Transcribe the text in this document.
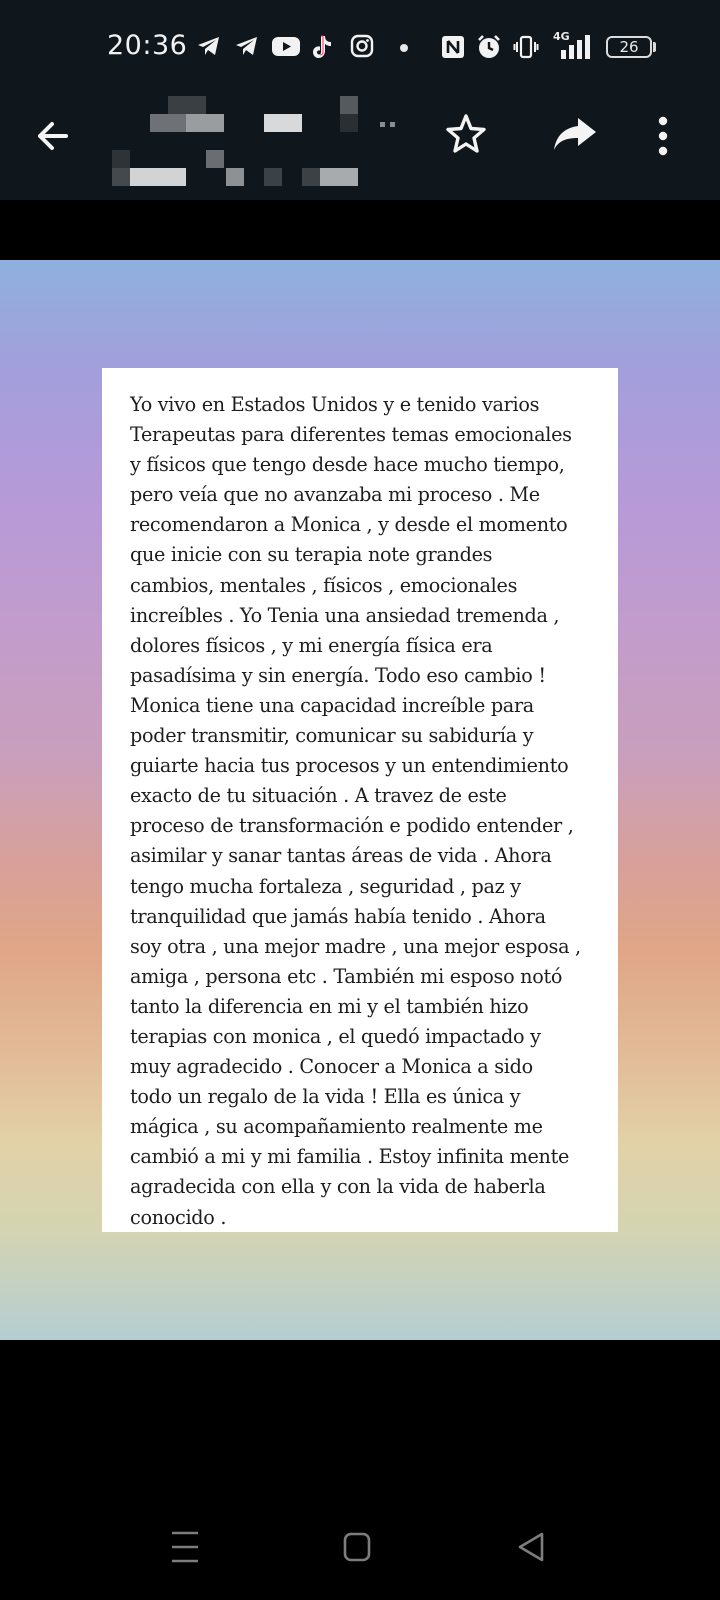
20:36	4G
26
Yo vivo en Estados Unidos y e tenido varios
Terapeutas para diferentes temas emocionales
y físicos que tengo desde hace mucho tiempo,
pero veía que no avanzaba mi proceso . Me
recomendaron a Monica , y desde el momento
que inicie con su terapia note grandes
cambios, mentales , físicos , emocionales
increíbles . Yo Tenia una ansiedad tremenda ,
dolores físicos , y mi energía física era
pasadísima y sin energía. Todo eso cambio !
Monica tiene una capacidad increíble para
poder transmitir, comunicar su sabiduría y
guiarte hacia tus procesos y un entendimiento
exacto de tu situación . A travez de este
proceso de transformación e podido entender ,
asimilar y sanar tantas áreas de vida . Ahora
tengo mucha fortaleza , seguridad , paz y
tranquilidad que jamás había tenido . Ahora
soy otra , una mejor madre , una mejor esposa ,
amiga , persona etc . También mi esposo notó
tanto la diferencia en mi y el también hizo
terapias con monica , el quedó impactado y
muy agradecido . Conocer a Monica a sido
todo un regalo de la vida ! Ella es única y
mágica , su acompañamiento realmente me
cambió a mi y mi familia . Estoy infinita mente
agradecida con ella y con la vida de haberla
conocido .
